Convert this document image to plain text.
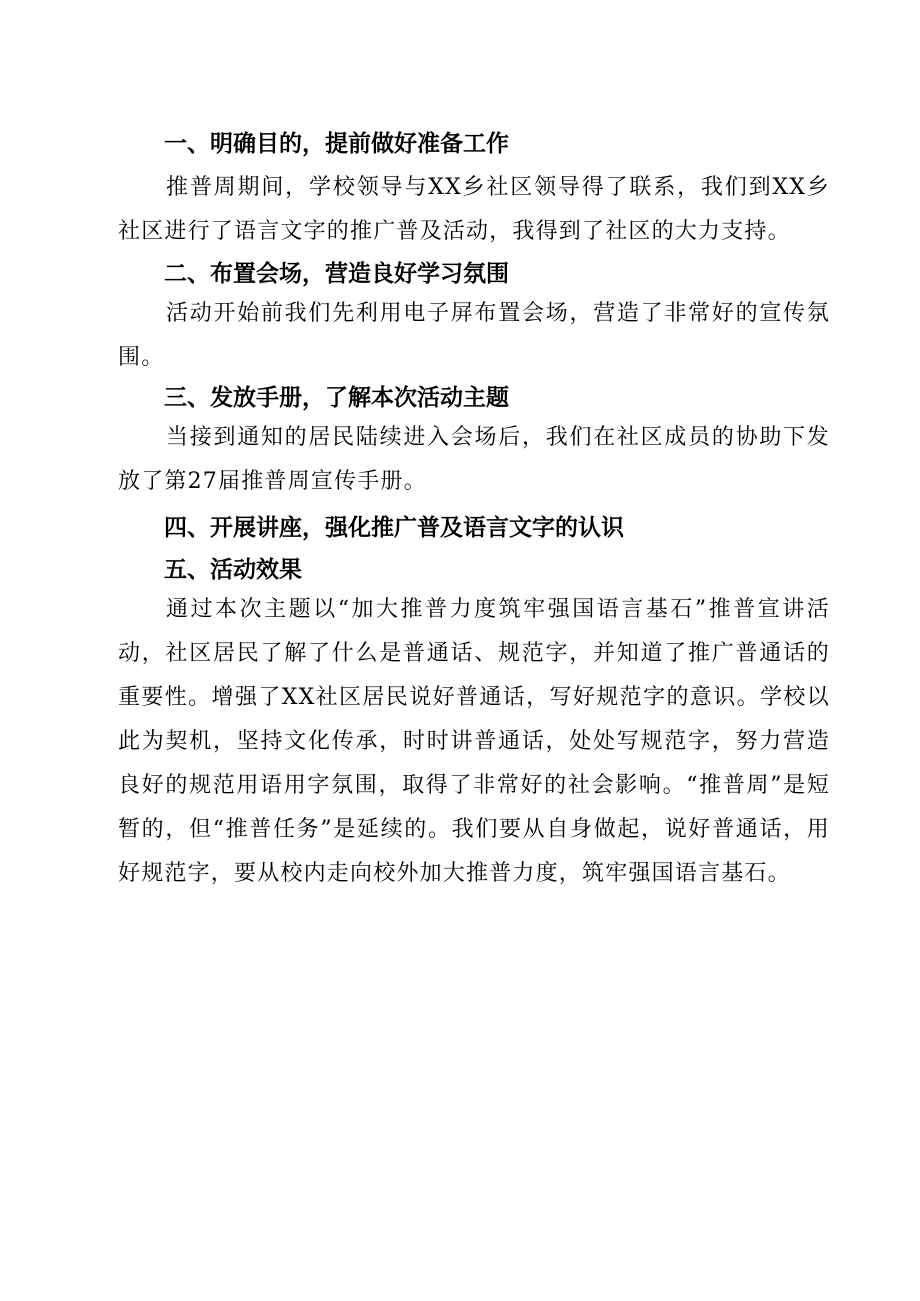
一、明确目的，提前做好准备工作

推普周期间，学校领导与XX乡社区领导得了联系，我们到XX乡社区进行了语言文字的推广普及活动，我得到了社区的大力支持。

二、布置会场，营造良好学习氛围

活动开始前我们先利用电子屏布置会场，营造了非常好的宣传氛围。

三、发放手册，了解本次活动主题

当接到通知的居民陆续进入会场后，我们在社区成员的协助下发放了第27届推普周宣传手册。

四、开展讲座，强化推广普及语言文字的认识
五、活动效果

通过本次主题以“加大推普力度筑牢强国语言基石”推普宣讲活动，社区居民了解了什么是普通话、规范字，并知道了推广普通话的重要性。增强了XX社区居民说好普通话，写好规范字的意识。学校以此为契机，坚持文化传承，时时讲普通话，处处写规范字，努力营造良好的规范用语用字氛围，取得了非常好的社会影响。“推普周”是短暂的，但“推普任务”是延续的。我们要从自身做起，说好普通话，用好规范字，要从校内走向校外加大推普力度，筑牢强国语言基石。
